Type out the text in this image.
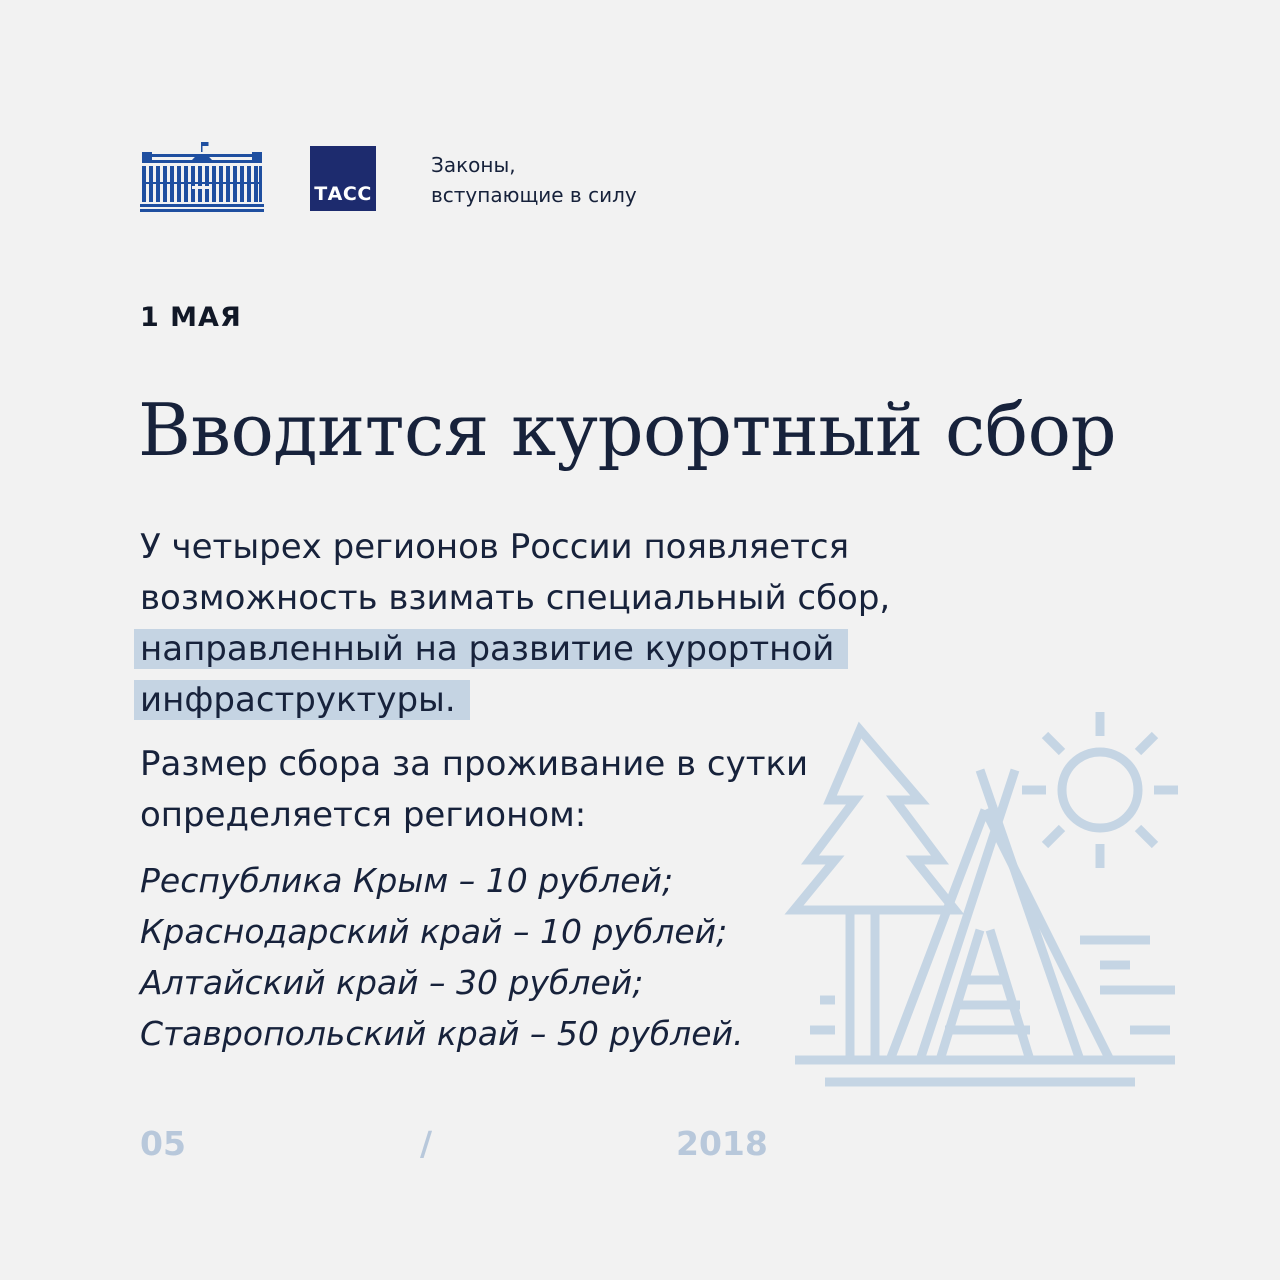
ТАСС
Законы,
вступающие в силу
1 МАЯ
Вводится курортный сбор
У четырех регионов России появляется
возможность взимать специальный сбор,
направленный на развитие курортной
инфраструктуры.
Размер сбора за проживание в сутки
определяется регионом:
Республика Крым – 10 рублей;
Краснодарский край – 10 рублей;
Алтайский край – 30 рублей;
Ставропольский край – 50 рублей.
05	/	2018
